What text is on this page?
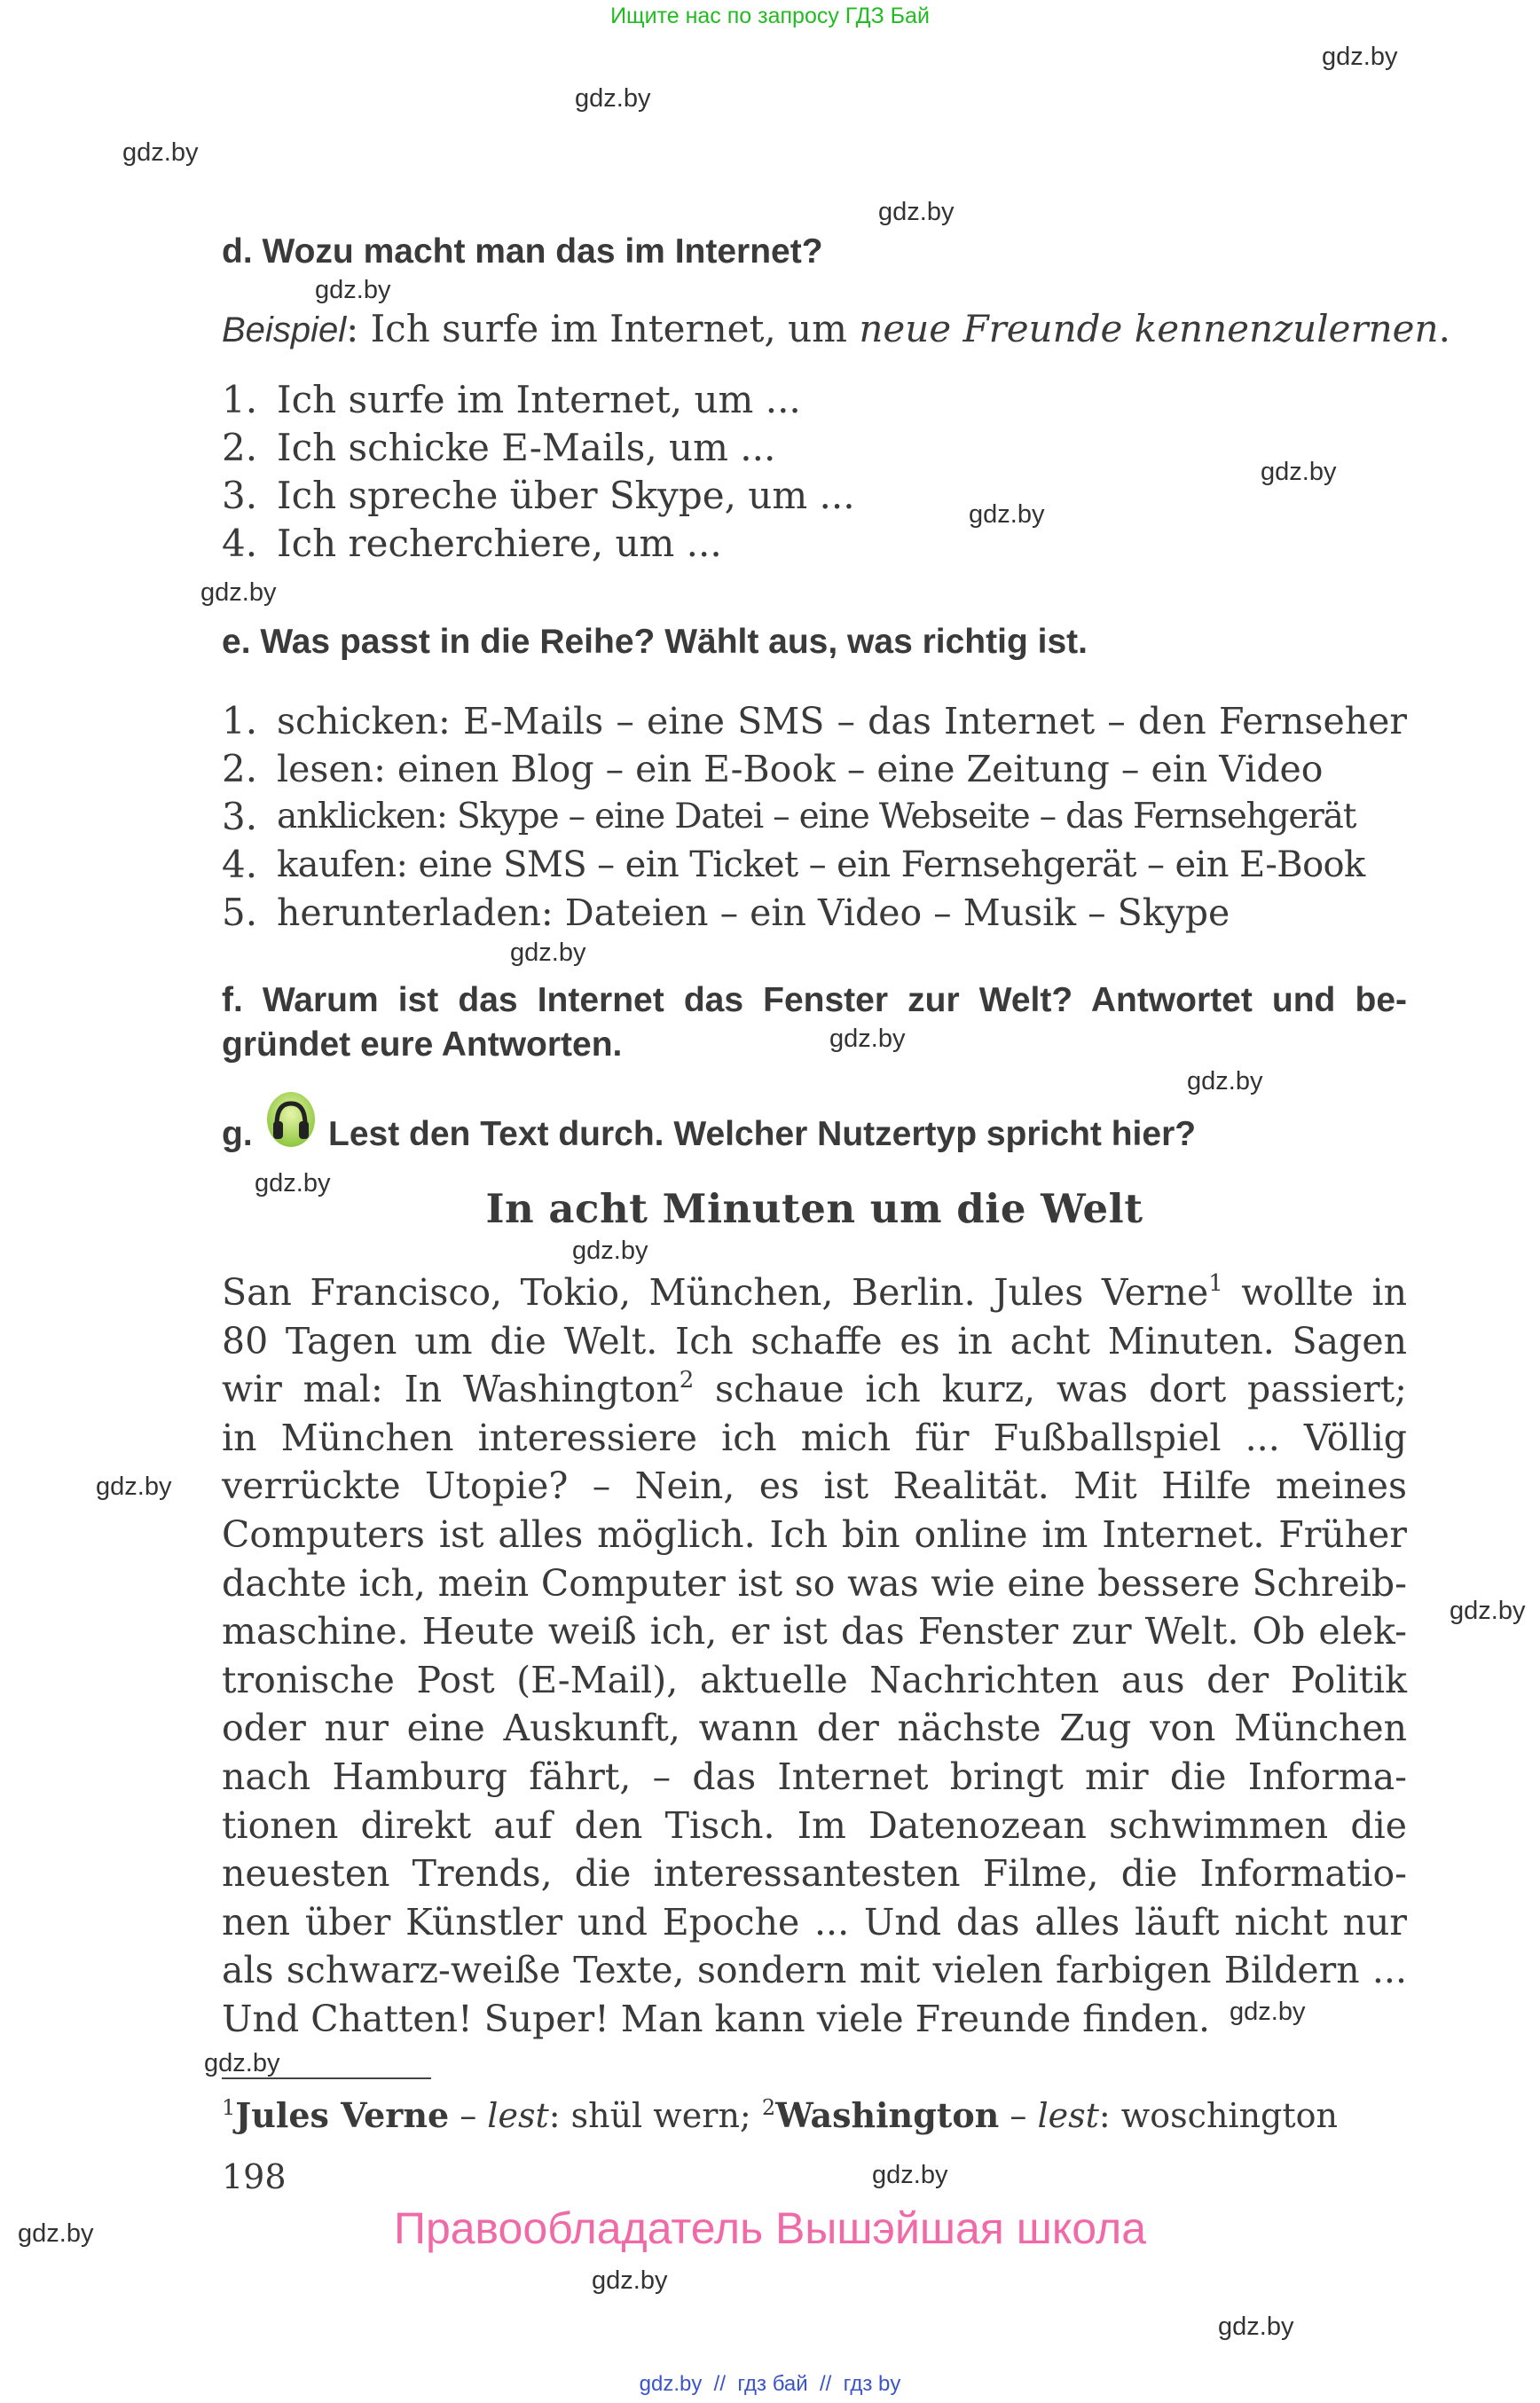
Ищите нас по запросу ГДЗ Бай
gdz.by
gdz.by
gdz.by
gdz.by
gdz.by
gdz.by
gdz.by
gdz.by
gdz.by
gdz.by
gdz.by
gdz.by
gdz.by
gdz.by
gdz.by
gdz.by
gdz.by
gdz.by
gdz.by
gdz.by
gdz.by
d. Wozu macht man das im Internet?
Beispiel: Ich surfe im Internet, um neue Freunde kennenzulernen.
1. Ich surfe im Internet, um ...
2. Ich schicke E-Mails, um ...
3. Ich spreche über Skype, um ...
4. Ich recherchiere, um ...
e. Was passt in die Reihe? Wählt aus, was richtig ist.
1. schicken: E-Mails – eine SMS – das Internet – den Fernseher
2. lesen: einen Blog – ein E-Book – eine Zeitung – ein Video
3. anklicken: Skype – eine Datei – eine Webseite – das Fernsehgerät
4. kaufen: eine SMS – ein Ticket – ein Fernsehgerät – ein E-Book
5. herunterladen: Dateien – ein Video – Musik – Skype
f. Warum ist das Internet das Fenster zur Welt? Antwortet und be-
gründet eure Antworten.
g. Lest den Text durch. Welcher Nutzertyp spricht hier?
In acht Minuten um die Welt

San Francisco, Tokio, München, Berlin. Jules Verne$^1$ wollte in

80 Tagen um die Welt. Ich schaffe es in acht Minuten. Sagen

wir mal: In Washington$^2$ schaue ich kurz, was dort passiert;

in München interessiere ich mich für Fußballspiel ... Völlig

verrückte Utopie? – Nein, es ist Realität. Mit Hilfe meines

Computers ist alles möglich. Ich bin online im Internet. Früher

dachte ich, mein Computer ist so was wie eine bessere Schreib-

maschine. Heute weiß ich, er ist das Fenster zur Welt. Ob elek-

tronische Post (E-Mail), aktuelle Nachrichten aus der Politik

oder nur eine Auskunft, wann der nächste Zug von München

nach Hamburg fährt, – das Internet bringt mir die Informa-

tionen direkt auf den Tisch. Im Datenozean schwimmen die

neuesten Trends, die interessantesten Filme, die Informatio-

nen über Künstler und Epoche ... Und das alles läuft nicht nur

als schwarz-weiße Texte, sondern mit vielen farbigen Bildern ...

Und Chatten! Super! Man kann viele Freunde finden.

$^1$Jules Verne – lest: shül wern; $^2$Washington – lest: woschington
198
Правообладатель Вышэйшая школа
gdz.by  //  гдз бай  //  гдз by
